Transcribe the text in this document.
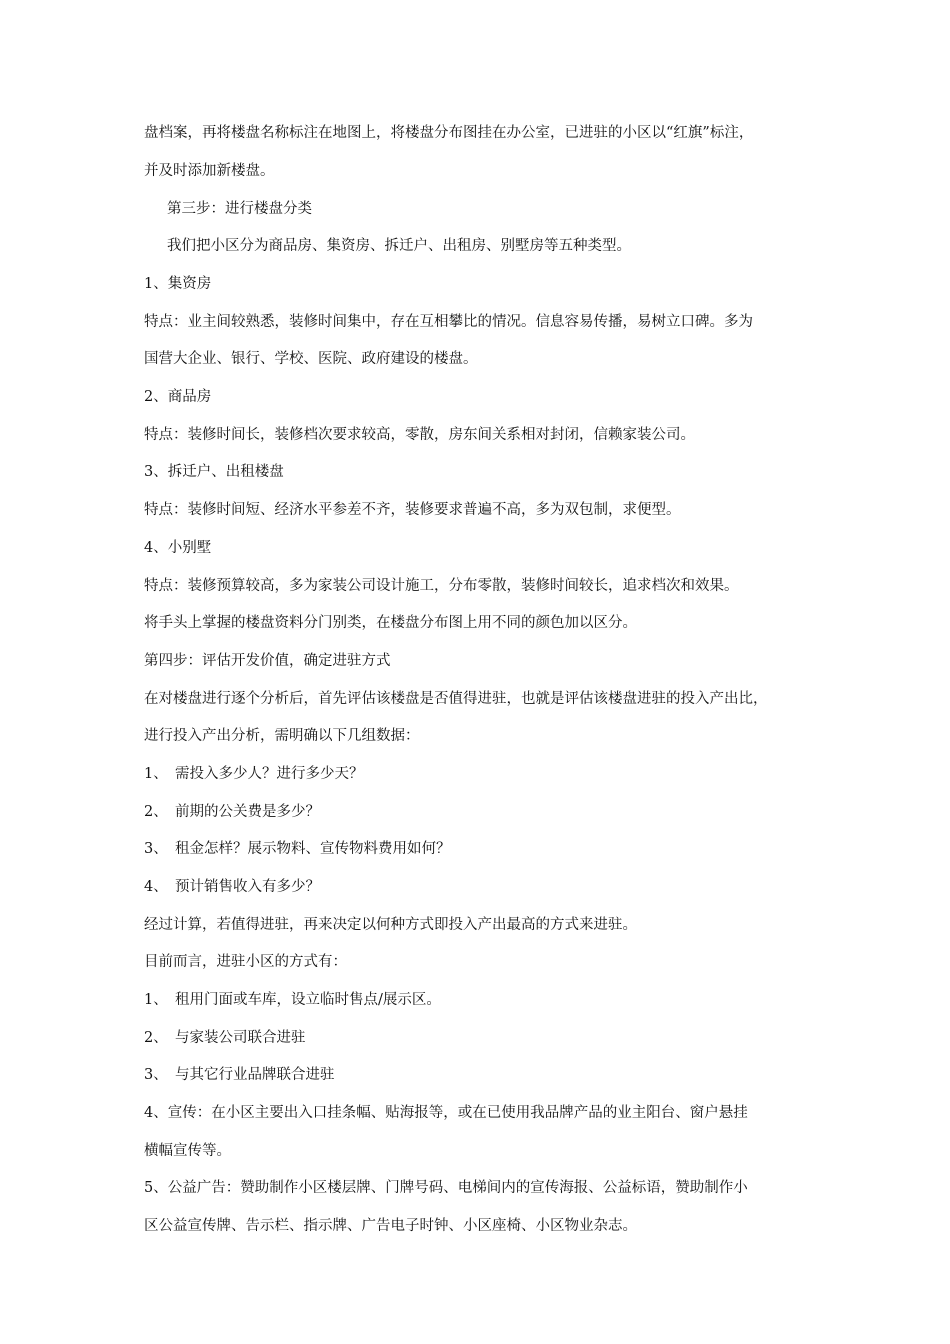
盘档案，再将楼盘名称标注在地图上，将楼盘分布图挂在办公室，已进驻的小区以“红旗”标注，
并及时添加新楼盘。
第三步：进行楼盘分类
我们把小区分为商品房、集资房、拆迁户、出租房、别墅房等五种类型。
1、集资房
特点：业主间较熟悉，装修时间集中，存在互相攀比的情况。信息容易传播，易树立口碑。多为
国营大企业、银行、学校、医院、政府建设的楼盘。
2、商品房
特点：装修时间长，装修档次要求较高，零散，房东间关系相对封闭，信赖家装公司。
3、拆迁户、出租楼盘
特点：装修时间短、经济水平参差不齐，装修要求普遍不高，多为双包制，求便型。
4、小别墅
特点：装修预算较高，多为家装公司设计施工，分布零散，装修时间较长，追求档次和效果。
将手头上掌握的楼盘资料分门别类，在楼盘分布图上用不同的颜色加以区分。
第四步：评估开发价值，确定进驻方式
在对楼盘进行逐个分析后，首先评估该楼盘是否值得进驻，也就是评估该楼盘进驻的投入产出比，
进行投入产出分析，需明确以下几组数据：
1、　需投入多少人？进行多少天？
2、　前期的公关费是多少？
3、　租金怎样？展示物料、宣传物料费用如何？
4、　预计销售收入有多少？
经过计算，若值得进驻，再来决定以何种方式即投入产出最高的方式来进驻。
目前而言，进驻小区的方式有：
1、　租用门面或车库，设立临时售点/展示区。
2、　与家装公司联合进驻
3、　与其它行业品牌联合进驻
4、宣传：在小区主要出入口挂条幅、贴海报等，或在已使用我品牌产品的业主阳台、窗户悬挂
横幅宣传等。
5、公益广告：赞助制作小区楼层牌、门牌号码、电梯间内的宣传海报、公益标语，赞助制作小
区公益宣传牌、告示栏、指示牌、广告电子时钟、小区座椅、小区物业杂志。
